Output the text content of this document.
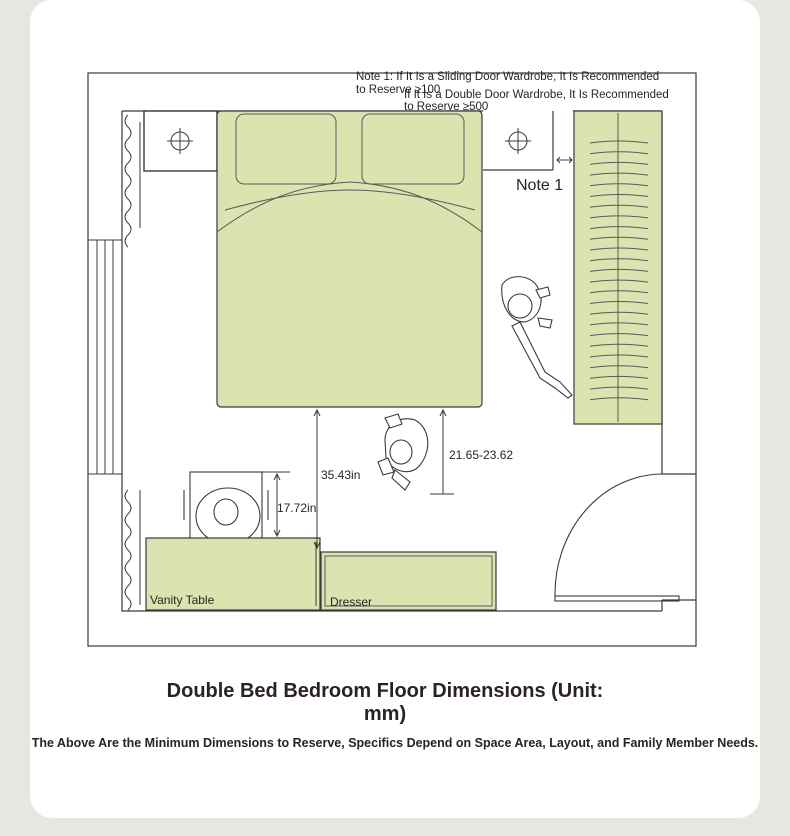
Note 1
Note 1: If It Is a Sliding Door Wardrobe, It Is Recommended
to Reserve ≥100
If It Is a Double Door Wardrobe, It Is Recommended
to Reserve ≥500
Vanity Table	Dresser
35.43in
17.72in
21.65-23.62
Double Bed Bedroom Floor Dimensions (Unit: mm)
The Above Are the Minimum Dimensions to Reserve, Specifics Depend on Space Area, Layout, and Family Member Needs.
